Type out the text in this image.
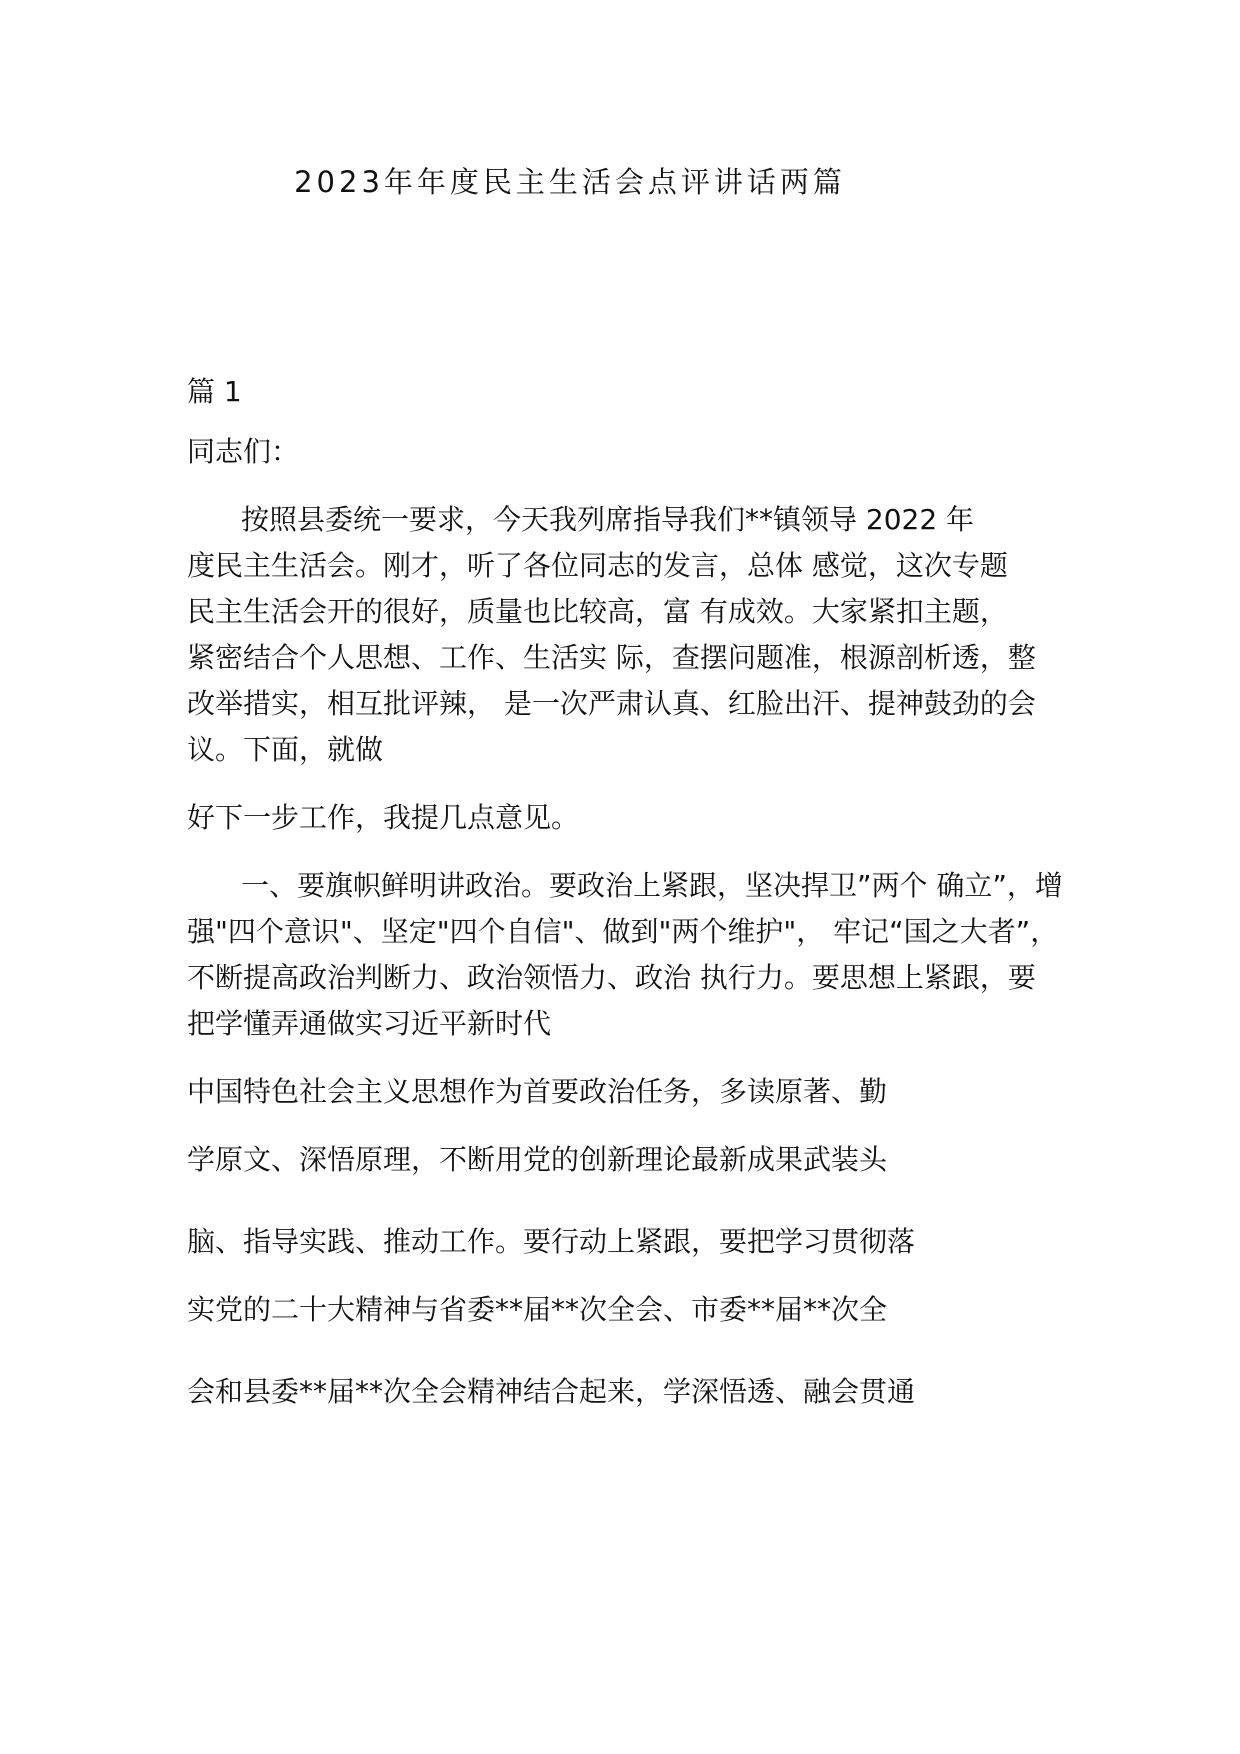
2023年年度民主生活会点评讲话两篇
篇 1
同志们：
按照县委统一要求，今天我列席指导我们**镇领导 2022 年
度民主生活会。刚才，听了各位同志的发言，总体 感觉，这次专题
民主生活会开的很好，质量也比较高，富 有成效。大家紧扣主题，
紧密结合个人思想、工作、生活实 际，查摆问题准，根源剖析透，整
改举措实，相互批评辣， 是一次严肃认真、红脸出汗、提神鼓劲的会
议。下面，就做
好下一步工作，我提几点意见。
一、要旗帜鲜明讲政治。要政治上紧跟，坚决捍卫”两个 确立”，增
强"四个意识"、坚定"四个自信"、做到"两个维护"， 牢记“国之大者”，
不断提高政治判断力、政治领悟力、政治 执行力。要思想上紧跟，要
把学懂弄通做实习近平新时代
中国特色社会主义思想作为首要政治任务，多读原著、勤
学原文、深悟原理，不断用党的创新理论最新成果武装头
脑、指导实践、推动工作。要行动上紧跟，要把学习贯彻落
实党的二十大精神与省委**届**次全会、市委**届**次全
会和县委**届**次全会精神结合起来，学深悟透、融会贯通
